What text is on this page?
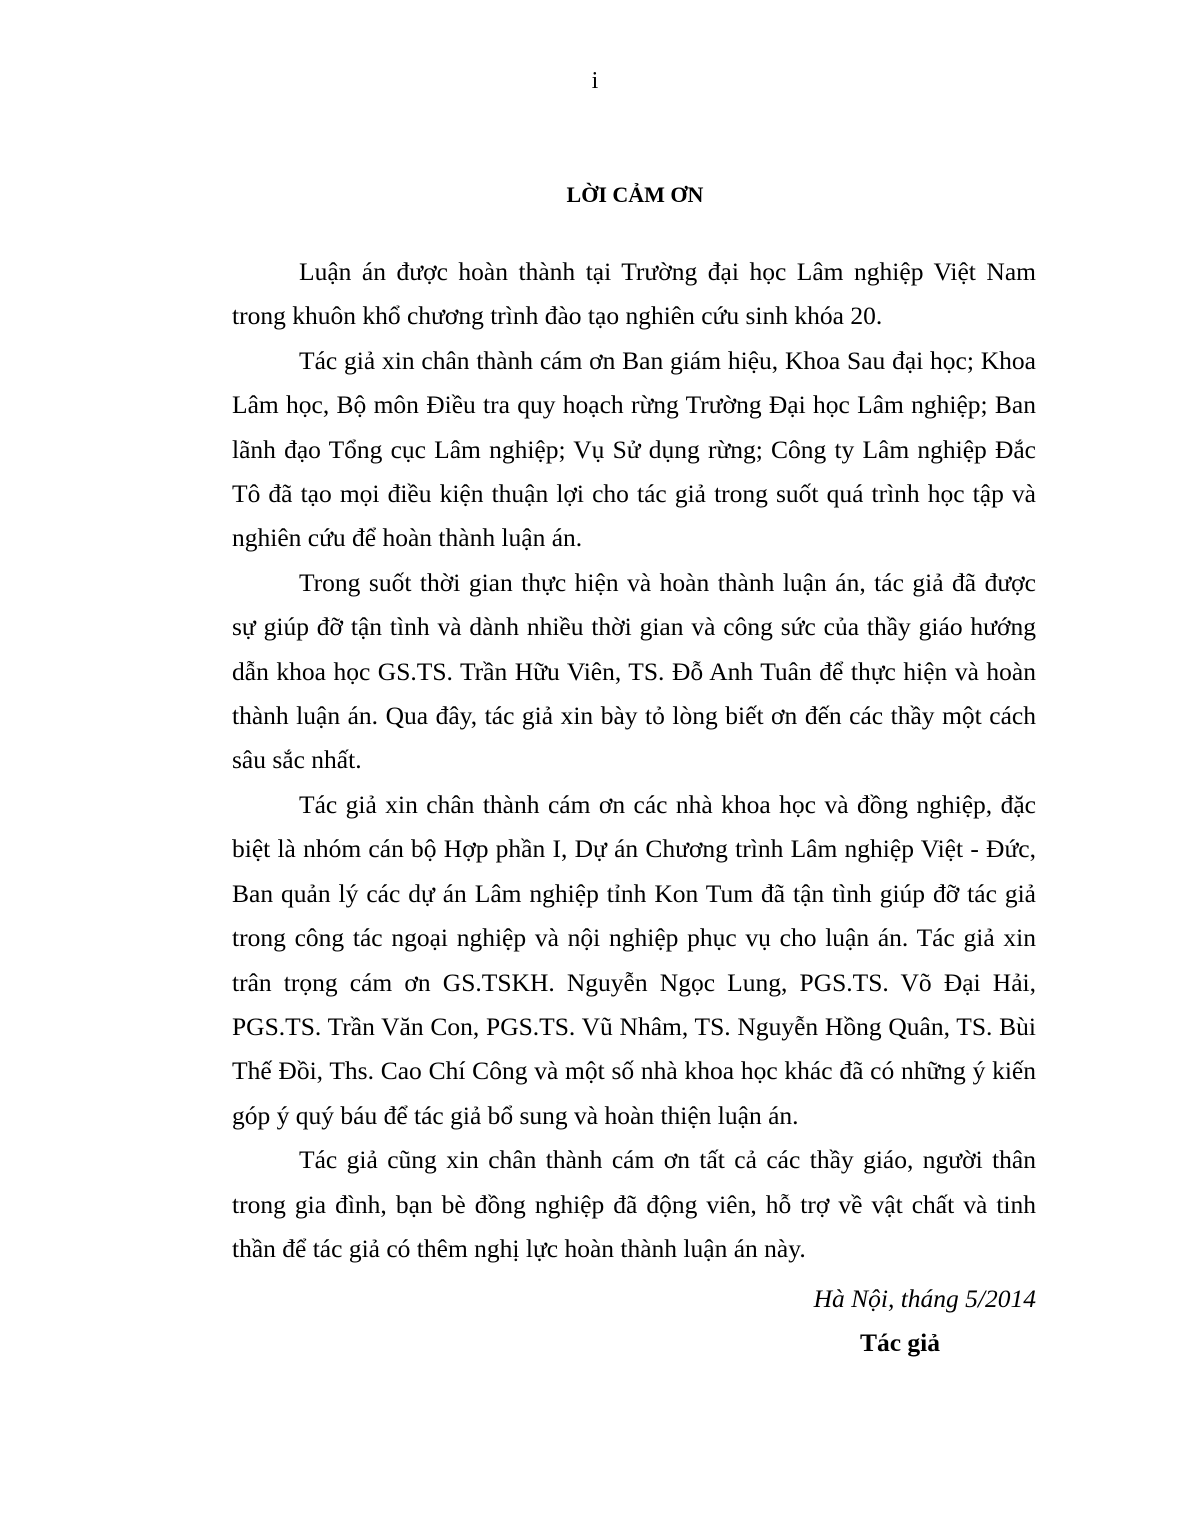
i
LỜI CẢM ƠN

Luận án được hoàn thành tại Trường đại học Lâm nghiệp Việt Nam trong khuôn khổ chương trình đào tạo nghiên cứu sinh khóa 20.

Tác giả xin chân thành cám ơn Ban giám hiệu, Khoa Sau đại học; Khoa Lâm học, Bộ môn Điều tra quy hoạch rừng Trường Đại học Lâm nghiệp; Ban lãnh đạo Tổng cục Lâm nghiệp; Vụ Sử dụng rừng; Công ty Lâm nghiệp Đắc Tô đã tạo mọi điều kiện thuận lợi cho tác giả trong suốt quá trình học tập và nghiên cứu để hoàn thành luận án.

Trong suốt thời gian thực hiện và hoàn thành luận án, tác giả đã được sự giúp đỡ tận tình và dành nhiều thời gian và công sức của thầy giáo hướng dẫn khoa học GS.TS. Trần Hữu Viên, TS. Đỗ Anh Tuân để thực hiện và hoàn thành luận án. Qua đây, tác giả xin bày tỏ lòng biết ơn đến các thầy một cách sâu sắc nhất.

Tác giả xin chân thành cám ơn các nhà khoa học và đồng nghiệp, đặc biệt là nhóm cán bộ Hợp phần I, Dự án Chương trình Lâm nghiệp Việt - Đức, Ban quản lý các dự án Lâm nghiệp tỉnh Kon Tum đã tận tình giúp đỡ tác giả trong công tác ngoại nghiệp và nội nghiệp phục vụ cho luận án. Tác giả xin trân trọng cám ơn GS.TSKH. Nguyễn Ngọc Lung, PGS.TS. Võ Đại Hải, PGS.TS. Trần Văn Con, PGS.TS. Vũ Nhâm, TS. Nguyễn Hồng Quân, TS. Bùi Thế Đồi, Ths. Cao Chí Công và một số nhà khoa học khác đã có những ý kiến góp ý quý báu để tác giả bổ sung và hoàn thiện luận án.

Tác giả cũng xin chân thành cám ơn tất cả các thầy giáo, người thân trong gia đình, bạn bè đồng nghiệp đã động viên, hỗ trợ về vật chất và tinh thần để tác giả có thêm nghị lực hoàn thành luận án này.

Hà Nội, tháng 5/2014
Tác giả
